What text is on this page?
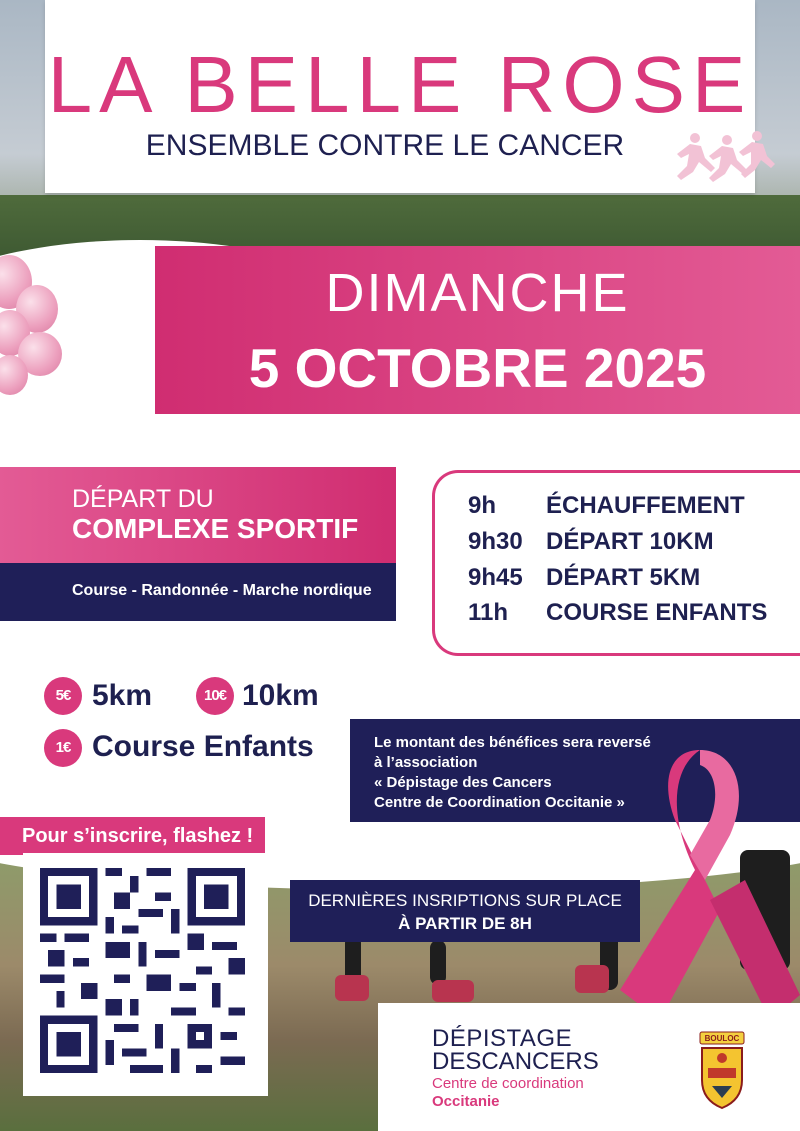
LA BELLE ROSE
ENSEMBLE CONTRE LE CANCER
DIMANCHE
5 OCTOBRE 2025
DÉPART DU
COMPLEXE SPORTIF
Course - Randonnée - Marche nordique
9h ÉCHAUFFEMENT
9h30 DÉPART 10KM
9h45 DÉPART 5KM
11h COURSE ENFANTS
5€ 5km	10€ 10km
1€ Course Enfants	Le montant des bénéfices sera reversé
à l’association
« Dépistage des Cancers
Centre de Coordination Occitanie »
Pour s’inscrire, flashez !
DERNIÈRES INSRIPTIONS SUR PLACE
À PARTIR DE 8H
DÉPISTAGE
DESCANCERS
Centre de coordination
Occitanie
BOULOC
